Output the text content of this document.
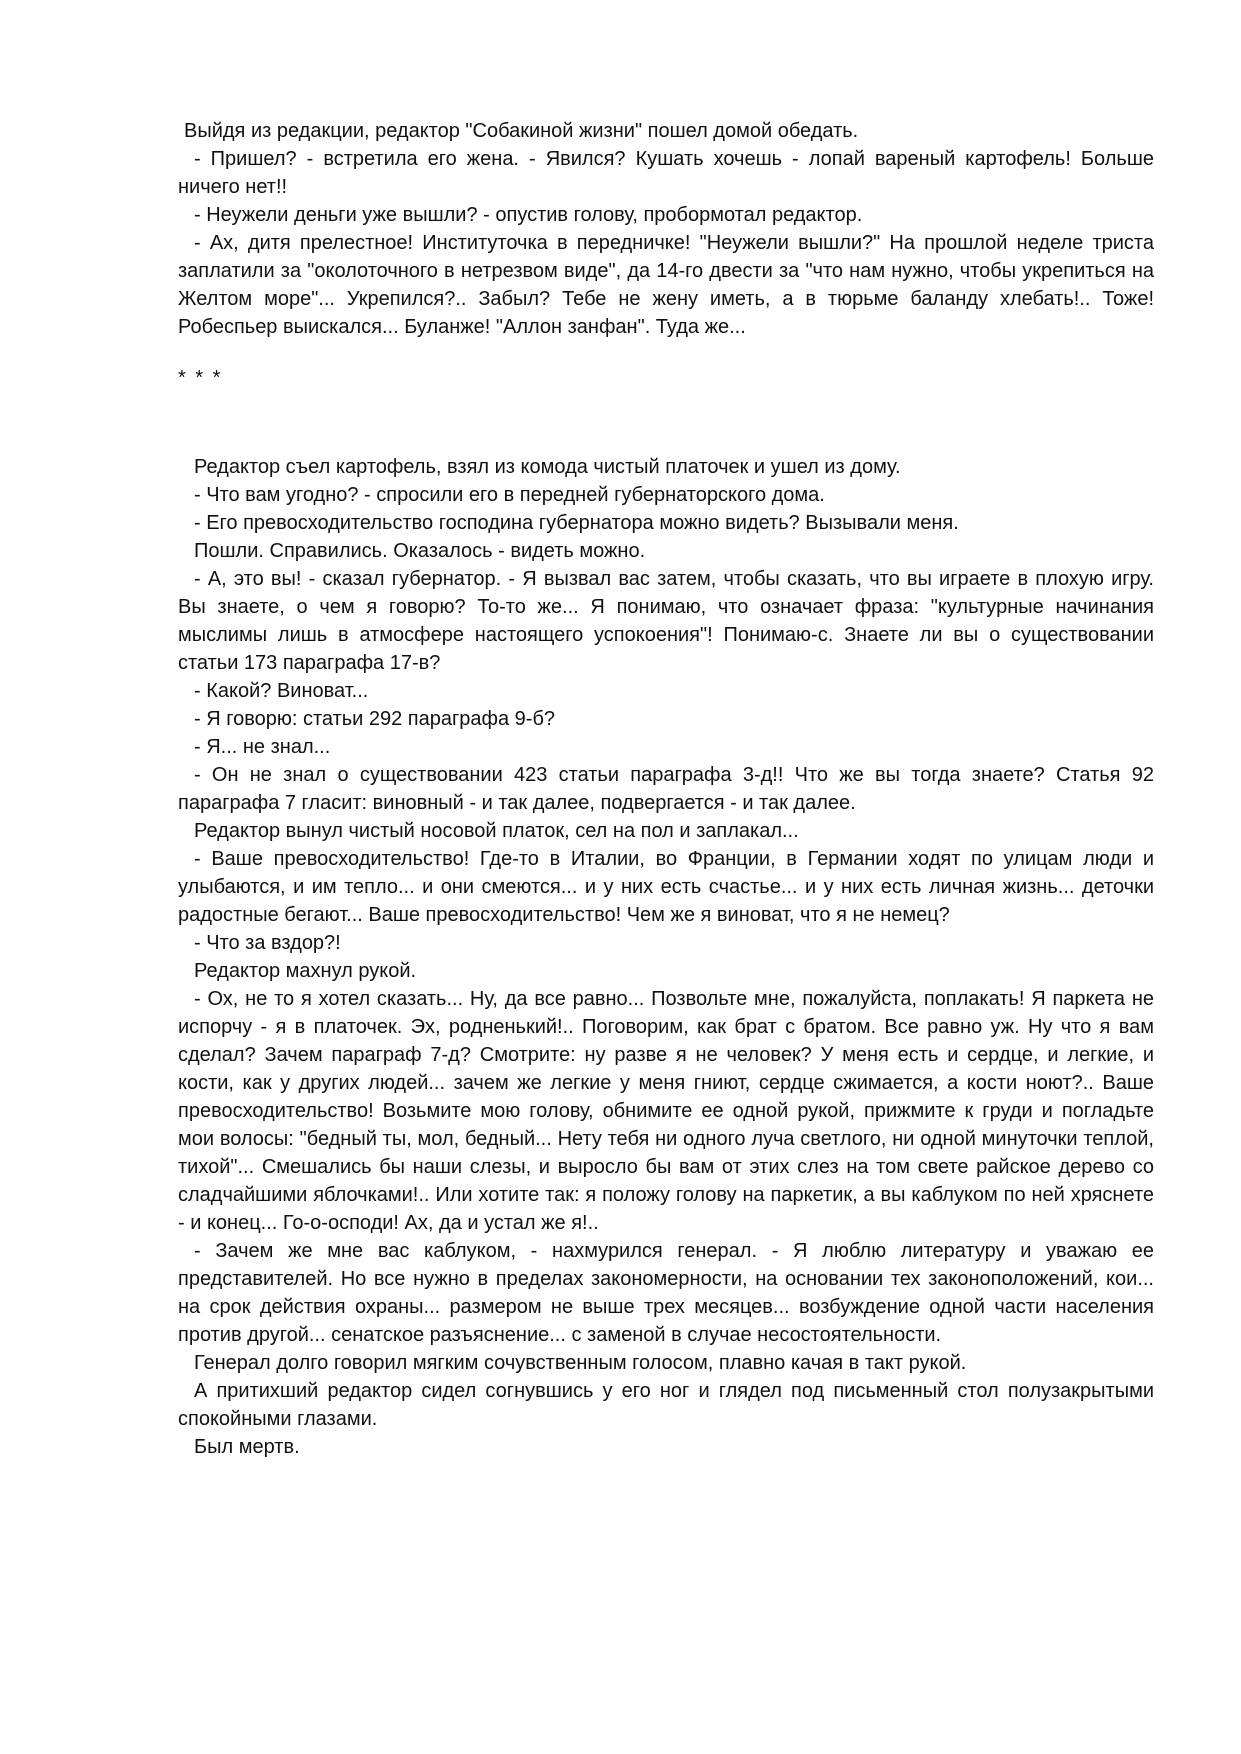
Выйдя из редакции, редактор "Собакиной жизни" пошел домой обедать.

- Пришел? - встретила его жена. - Явился? Кушать хочешь - лопай вареный картофель! Больше ничего нет!!

- Неужели деньги уже вышли? - опустив голову, пробормотал редактор.

- Ах, дитя прелестное! Институточка в передничке! "Неужели вышли?" На прошлой неделе триста заплатили за "околоточного в нетрезвом виде", да 14-го двести за "что нам нужно, чтобы укрепиться на Желтом море"... Укрепился?.. Забыл? Тебе не жену иметь, а в тюрьме баланду хлебать!.. Тоже! Робеспьер выискался... Буланже! "Аллон занфан". Туда же...

* * *

Редактор съел картофель, взял из комода чистый платочек и ушел из дому.

- Что вам угодно? - спросили его в передней губернаторского дома.

- Его превосходительство господина губернатора можно видеть? Вызывали меня.

Пошли. Справились. Оказалось - видеть можно.

- А, это вы! - сказал губернатор. - Я вызвал вас затем, чтобы сказать, что вы играете в плохую игру. Вы знаете, о чем я говорю? То-то же... Я понимаю, что означает фраза: "культурные начинания мыслимы лишь в атмосфере настоящего успокоения"! Понимаю-с. Знаете ли вы о существовании статьи 173 параграфа 17-в?

- Какой? Виноват...

- Я говорю: статьи 292 параграфа 9-б?

- Я... не знал...

- Он не знал о существовании 423 статьи параграфа 3-д!! Что же вы тогда знаете? Статья 92 параграфа 7 гласит: виновный - и так далее, подвергается - и так далее.

Редактор вынул чистый носовой платок, сел на пол и заплакал...

- Ваше превосходительство! Где-то в Италии, во Франции, в Германии ходят по улицам люди и улыбаются, и им тепло... и они смеются... и у них есть счастье... и у них есть личная жизнь... деточки радостные бегают... Ваше превосходительство! Чем же я виноват, что я не немец?

- Что за вздор?!

Редактор махнул рукой.

- Ох, не то я хотел сказать... Ну, да все равно... Позвольте мне, пожалуйста, поплакать! Я паркета не испорчу - я в платочек. Эх, родненький!.. Поговорим, как брат с братом. Все равно уж. Ну что я вам сделал? Зачем параграф 7-д? Смотрите: ну разве я не человек? У меня есть и сердце, и легкие, и кости, как у других людей... зачем же легкие у меня гниют, сердце сжимается, а кости ноют?.. Ваше превосходительство! Возьмите мою голову, обнимите ее одной рукой, прижмите к груди и погладьте мои волосы: "бедный ты, мол, бедный... Нету тебя ни одного луча светлого, ни одной минуточки теплой, тихой"... Смешались бы наши слезы, и выросло бы вам от этих слез на том свете райское дерево со сладчайшими яблочками!.. Или хотите так: я положу голову на паркетик, а вы каблуком по ней хряснете - и конец... Го-о-осподи! Ах, да и устал же я!..

- Зачем же мне вас каблуком, - нахмурился генерал. - Я люблю литературу и уважаю ее представителей. Но все нужно в пределах закономерности, на основании тех законоположений, кои... на срок действия охраны... размером не выше трех месяцев... возбуждение одной части населения против другой... сенатское разъяснение... с заменой в случае несостоятельности.

Генерал долго говорил мягким сочувственным голосом, плавно качая в такт рукой.

А притихший редактор сидел согнувшись у его ног и глядел под письменный стол полузакрытыми спокойными глазами.

Был мертв.
